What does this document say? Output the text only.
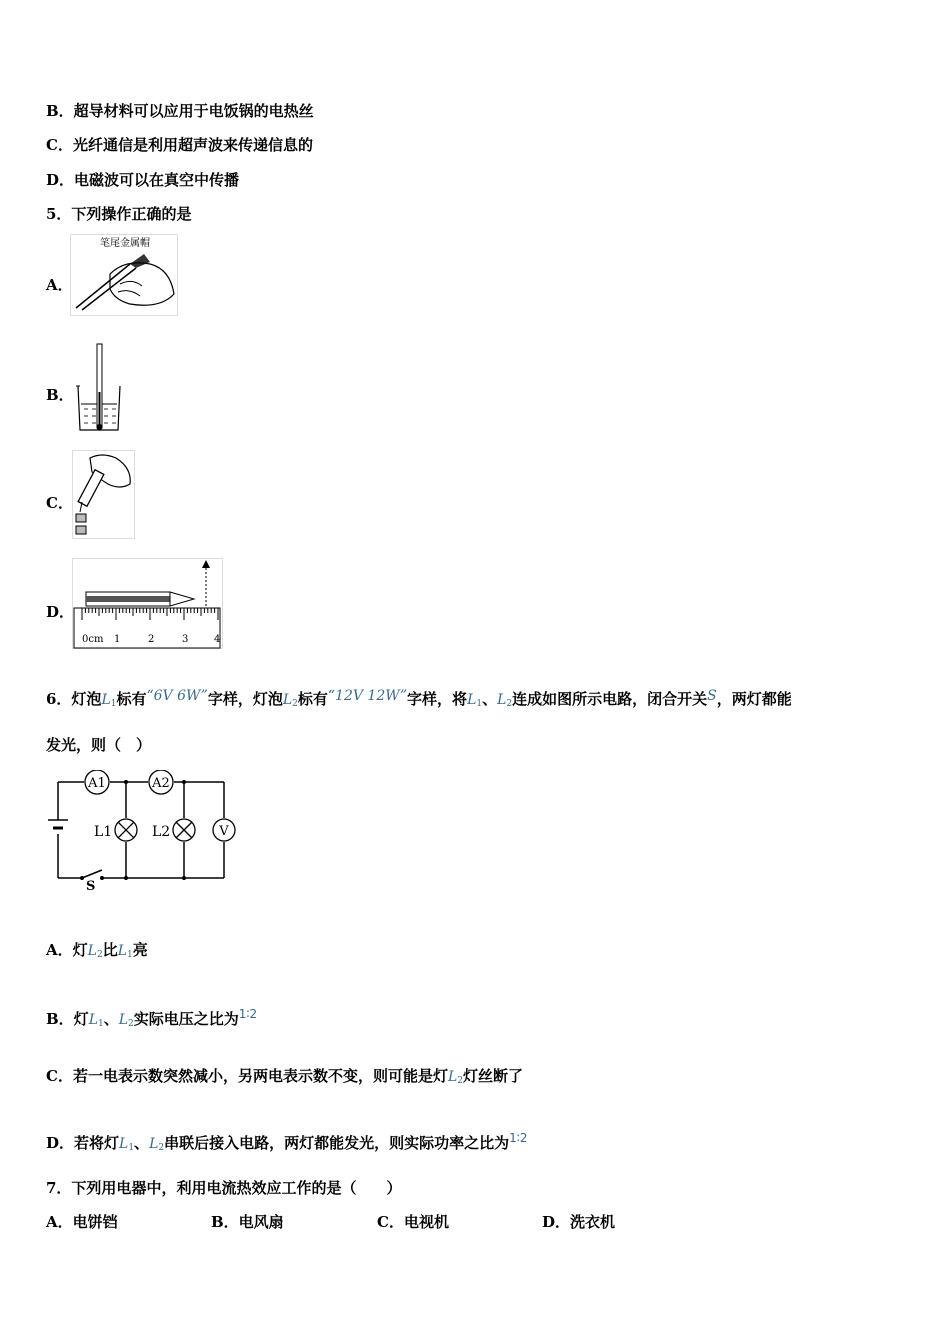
B．超导材料可以应用于电饭锅的电热丝
C．光纤通信是利用超声波来传递信息的
D．电磁波可以在真空中传播
5．下列操作正确的是
A．
笔尾金属帽
B．
C．
D．
0cm 1	2	3	4
6．灯泡L1标有“6V 6W”字样，灯泡L2标有“12V 12W”字样，将L1、L2连成如图所示电路，闭合开关S，两灯都能
发光，则（　）
A1	A2
L1	L2	V
S
A．灯L2比L1亮
B．灯L1、L2实际电压之比为$^{1∶2}$
C．若一电表示数突然减小，另两电表示数不变，则可能是灯L2灯丝断了
D．若将灯L1、L2串联后接入电路，两灯都能发光，则实际功率之比为$^{1∶2}$
7．下列用电器中，利用电流热效应工作的是（　　）
A．电饼铛	B．电风扇	C．电视机	D．洗衣机
